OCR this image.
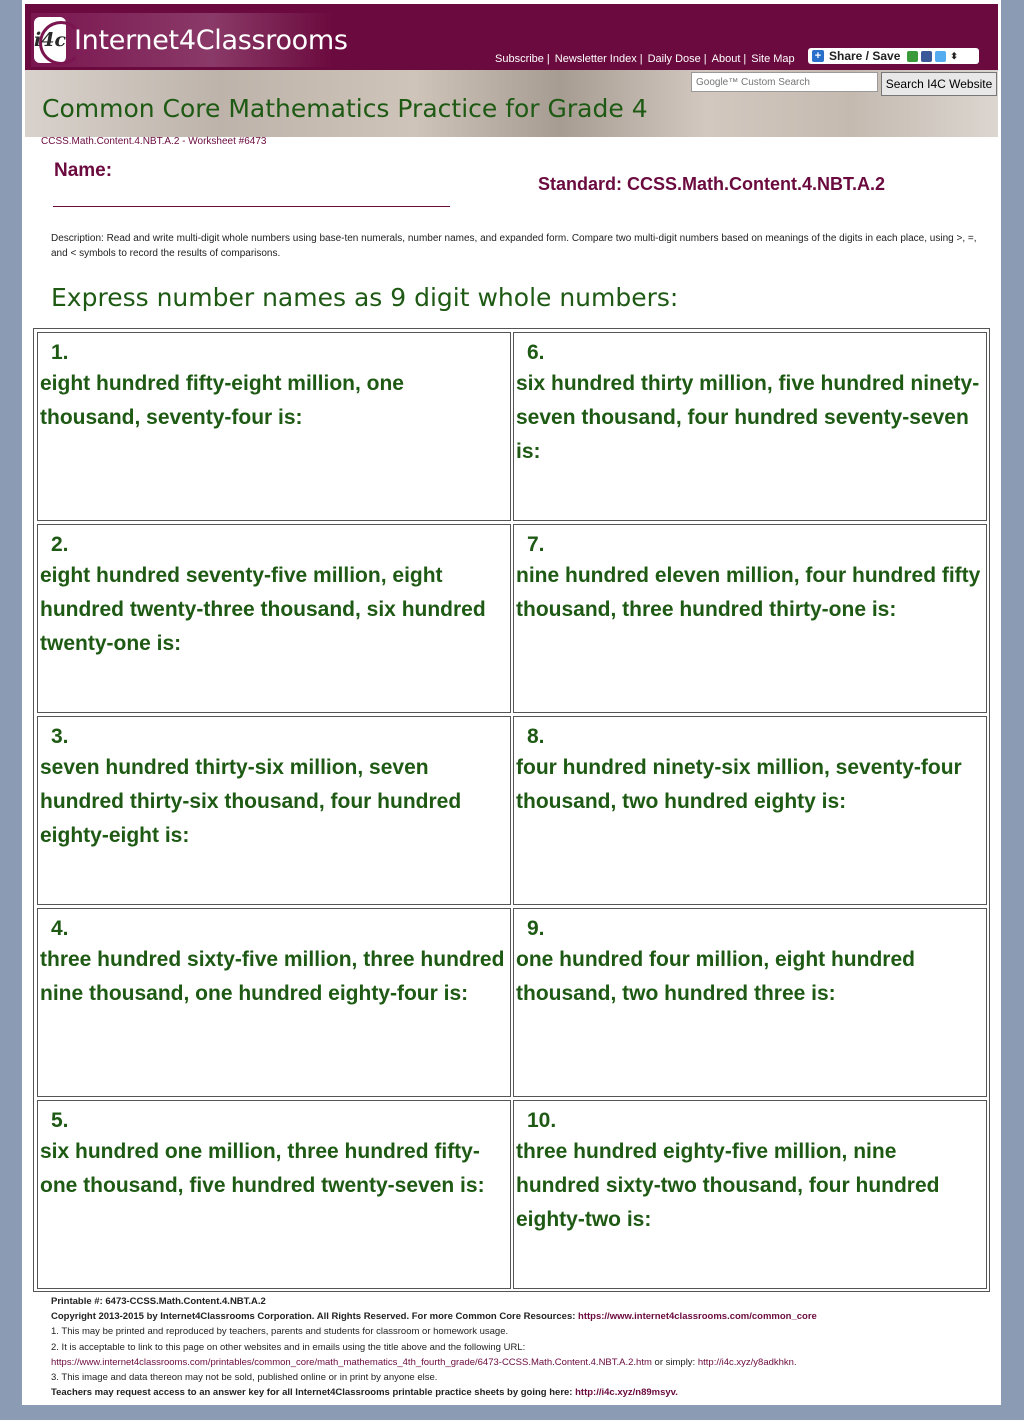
i4c Internet4Classrooms
Subscribe | Newsletter Index | Daily Dose | About | Site Map + Share / Save	⬍
Google™ Custom Search
Search I4C Website
Common Core Mathematics Practice for Grade 4
CCSS.Math.Content.4.NBT.A.2 - Worksheet #6473
Name:
Standard: CCSS.Math.Content.4.NBT.A.2
Description: Read and write multi-digit whole numbers using base-ten numerals, number names, and expanded form. Compare two multi-digit numbers based on meanings of the digits in each place, using >, =, and < symbols to record the results of comparisons.
Express number names as 9 digit whole numbers:
1.
eight hundred fifty-eight million, one thousand, seventy-four is:
6.
six hundred thirty million, five hundred ninety-seven thousand, four hundred seventy-seven is:
2.
eight hundred seventy-five million, eight hundred twenty-three thousand, six hundred twenty-one is:
7.
nine hundred eleven million, four hundred fifty thousand, three hundred thirty-one is:
3.
seven hundred thirty-six million, seven hundred thirty-six thousand, four hundred eighty-eight is:
8.
four hundred ninety-six million, seventy-four thousand, two hundred eighty is:
4.
three hundred sixty-five million, three hundred nine thousand, one hundred eighty-four is:
9.
one hundred four million, eight hundred thousand, two hundred three is:
5.
six hundred one million, three hundred fifty-one thousand, five hundred twenty-seven is:
10.
three hundred eighty-five million, nine hundred sixty-two thousand, four hundred eighty-two is:
Printable #: 6473-CCSS.Math.Content.4.NBT.A.2
Copyright 2013-2015 by Internet4Classrooms Corporation. All Rights Reserved. For more Common Core Resources: https://www.internet4classrooms.com/common_core
1. This may be printed and reproduced by teachers, parents and students for classroom or homework usage.
2. It is acceptable to link to this page on other websites and in emails using the title above and the following URL:
https://www.internet4classrooms.com/printables/common_core/math_mathematics_4th_fourth_grade/6473-CCSS.Math.Content.4.NBT.A.2.htm or simply: http://i4c.xyz/y8adkhkn.
3. This image and data thereon may not be sold, published online or in print by anyone else.
Teachers may request access to an answer key for all Internet4Classrooms printable practice sheets by going here: http://i4c.xyz/n89msyv.
